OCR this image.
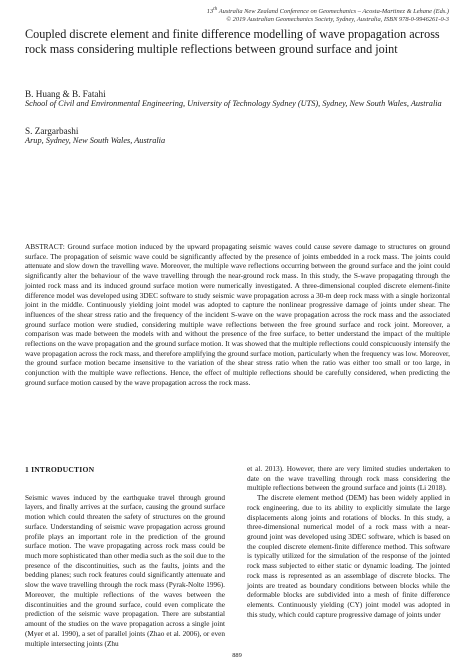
13th Australia New Zealand Conference on Geomechanics – Acosta-Martinez & Lehane (Eds.)
© 2019 Australian Geomechanics Society, Sydney, Australia, ISBN 978-0-9946261-0-3
Coupled discrete element and finite difference modelling of wave propagation across rock mass considering multiple reflections between ground surface and joint
B. Huang & B. Fatahi
School of Civil and Environmental Engineering, University of Technology Sydney (UTS), Sydney, New South Wales, Australia
S. Zargarbashi
Arup, Sydney, New South Wales, Australia

ABSTRACT: Ground surface motion induced by the upward propagating seismic waves could cause severe damage to structures on ground surface. The propagation of seismic wave could be significantly affected by the presence of joints embedded in a rock mass. The joints could attenuate and slow down the travelling wave. Moreover, the multiple wave reflections occurring between the ground surface and the joint could significantly alter the behaviour of the wave travelling through the near-ground rock mass. In this study, the S-wave propagating through the jointed rock mass and its induced ground surface motion were numerically investigated. A three-dimensional coupled discrete element-finite difference model was developed using 3DEC software to study seismic wave propagation across a 30-m deep rock mass with a single horizontal joint in the middle. Continuously yielding joint model was adopted to capture the nonlinear progressive damage of joints under shear. The influences of the shear stress ratio and the frequency of the incident S-wave on the wave propagation across the rock mass and the associated ground surface motion were studied, considering multiple wave reflections between the free ground surface and rock joint. Moreover, a comparison was made between the models with and without the presence of the free surface, to better understand the impact of the multiple reflections on the wave propagation and the ground surface motion. It was showed that the multiple reflections could conspicuously intensify the wave propagation across the rock mass, and therefore amplifying the ground surface motion, particularly when the frequency was low. Moreover, the ground surface motion became insensitive to the variation of the shear stress ratio when the ratio was either too small or too large, in conjunction with the multiple wave reflections. Hence, the effect of multiple reflections should be carefully considered, when predicting the ground surface motion caused by the wave propagation across the rock mass.

1 INTRODUCTION

Seismic waves induced by the earthquake travel through ground layers, and finally arrives at the surface, causing the ground surface motion which could threaten the safety of structures on the ground surface. Understanding of seismic wave propagation across ground profile plays an important role in the prediction of the ground surface motion. The wave propagating across rock mass could be much more sophisticated than other media such as the soil due to the presence of the discontinuities, such as the faults, joints and the bedding planes; such rock features could significantly attenuate and slow the wave travelling through the rock mass (Pyrak-Nolte 1996). Moreover, the multiple reflections of the waves between the discontinuities and the ground surface, could even complicate the prediction of the seismic wave propagation. There are substantial amount of the studies on the wave propagation across a single joint (Myer et al. 1990), a set of parallel joints (Zhao et al. 2006), or even multiple intersecting joints (Zhu

et al. 2013). However, there are very limited studies undertaken to date on the wave travelling through rock mass considering the multiple reflections between the ground surface and joints (Li 2018).

The discrete element method (DEM) has been widely applied in rock engineering, due to its ability to explicitly simulate the large displacements along joints and rotations of blocks. In this study, a three-dimensional numerical model of a rock mass with a near-ground joint was developed using 3DEC software, which is based on the coupled discrete element-finite difference method. This software is typically utilized for the simulation of the response of the jointed rock mass subjected to either static or dynamic loading. The jointed rock mass is represented as an assemblage of discrete blocks. The joints are treated as boundary conditions between blocks while the deformable blocks are subdivided into a mesh of finite difference elements. Continuously yielding (CY) joint model was adopted in this study, which could capture progressive damage of joints under

889
